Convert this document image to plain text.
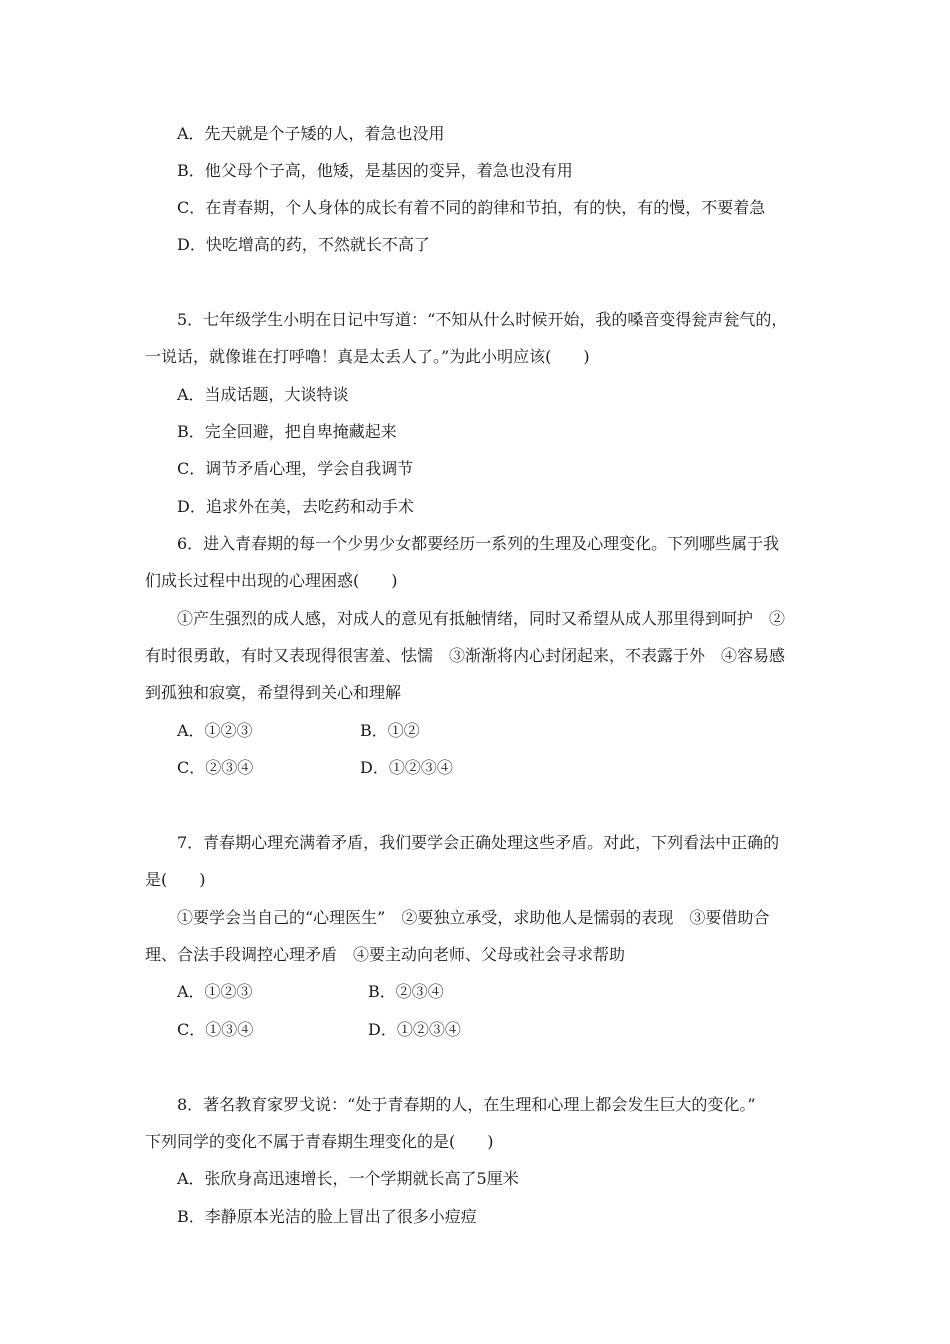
A．先天就是个子矮的人，着急也没用
B．他父母个子高，他矮，是基因的变异，着急也没有用
C．在青春期，个人身体的成长有着不同的韵律和节拍，有的快，有的慢，不要着急
D．快吃增高的药，不然就长不高了
5．七年级学生小明在日记中写道：“不知从什么时候开始，我的嗓音变得瓮声瓮气的，
一说话，就像谁在打呼噜！真是太丢人了。”为此小明应该(　　)
A．当成话题，大谈特谈
B．完全回避，把自卑掩藏起来
C．调节矛盾心理，学会自我调节
D．追求外在美，去吃药和动手术
6．进入青春期的每一个少男少女都要经历一系列的生理及心理变化。下列哪些属于我
们成长过程中出现的心理困惑(　　)
①产生强烈的成人感，对成人的意见有抵触情绪，同时又希望从成人那里得到呵护　②
有时很勇敢，有时又表现得很害羞、怯懦　③渐渐将内心封闭起来，不表露于外　④容易感
到孤独和寂寞，希望得到关心和理解
A．①②③	B．①②
C．②③④	D．①②③④
7．青春期心理充满着矛盾，我们要学会正确处理这些矛盾。对此，下列看法中正确的
是(　　)
①要学会当自己的“心理医生”　②要独立承受，求助他人是懦弱的表现　③要借助合
理、合法手段调控心理矛盾　④要主动向老师、父母或社会寻求帮助
A．①②③	B．②③④
C．①③④	D．①②③④
8．著名教育家罗戈说：“处于青春期的人，在生理和心理上都会发生巨大的变化。”
下列同学的变化不属于青春期生理变化的是(　　)
A．张欣身高迅速增长，一个学期就长高了5厘米
B．李静原本光洁的脸上冒出了很多小痘痘
